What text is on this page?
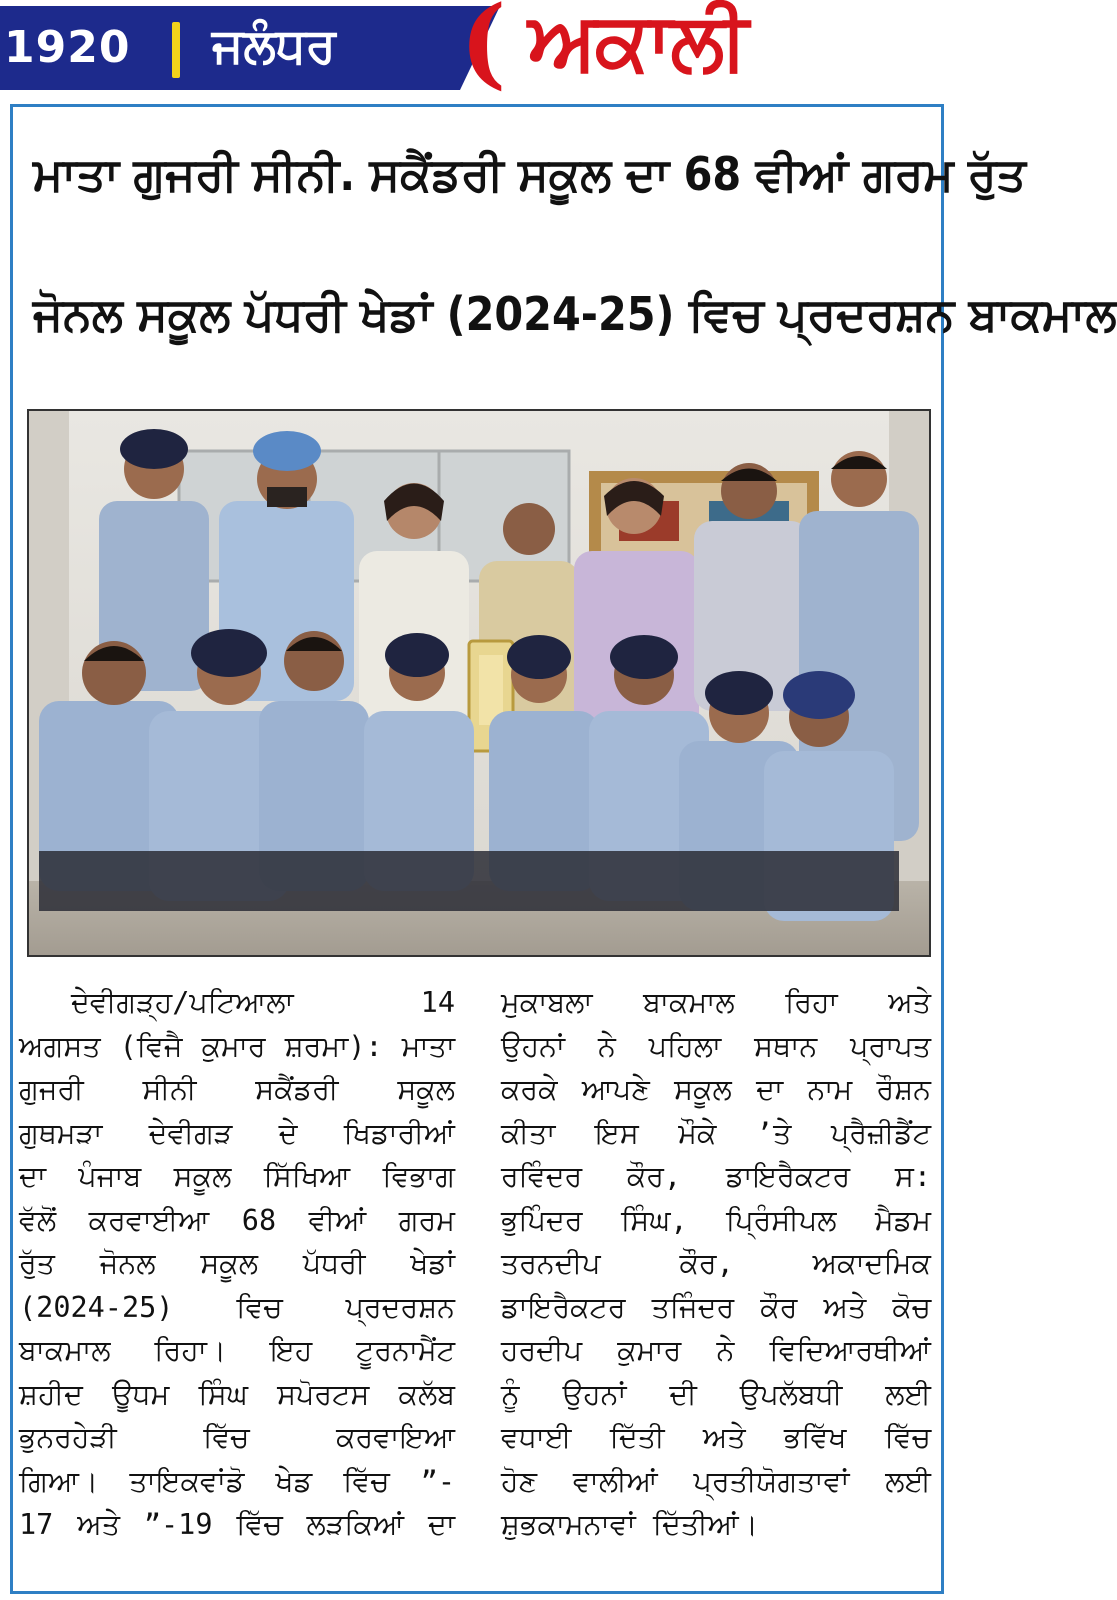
1920 ਜਲੰਧਰ ( ਅਕਾਲੀ
ਮਾਤਾ ਗੁਜਰੀ ਸੀਨੀ. ਸਕੈਂਡਰੀ ਸਕੂਲ ਦਾ 68 ਵੀਆਂ ਗਰਮ ਰੁੱਤ
ਜੋਨਲ ਸਕੂਲ ਪੱਧਰੀ ਖੇਡਾਂ (2024-25) ਵਿਚ ਪ੍ਰਦਰਸ਼ਨ ਬਾਕਮਾਲ
ਦੇਵੀਗੜ੍ਹ/ਪਟਿਆਲਾ 14
ਅਗਸਤ (ਵਿਜੈ ਕੁਮਾਰ ਸ਼ਰਮਾ): ਮਾਤਾ
ਗੁਜਰੀ ਸੀਨੀ ਸਕੈਂਡਰੀ ਸਕੂਲ
ਗੁਥਮੜਾ ਦੇਵੀਗੜ ਦੇ ਖਿਡਾਰੀਆਂ
ਦਾ ਪੰਜਾਬ ਸਕੂਲ ਸਿੱਖਿਆ ਵਿਭਾਗ
ਵੱਲੋਂ ਕਰਵਾਈਆ 68 ਵੀਆਂ ਗਰਮ
ਰੁੱਤ ਜੋਨਲ ਸਕੂਲ ਪੱਧਰੀ ਖੇਡਾਂ
(2024-25) ਵਿਚ ਪ੍ਰਦਰਸ਼ਨ
ਬਾਕਮਾਲ ਰਿਹਾ। ਇਹ ਟੂਰਨਾਮੈਂਟ
ਸ਼ਹੀਦ ਊਧਮ ਸਿੰਘ ਸਪੋਰਟਸ ਕਲੱਬ
ਭੁਨਰਹੇੜੀ ਵਿੱਚ ਕਰਵਾਇਆ
ਗਿਆ। ਤਾਇਕਵਾਂਡੋ ਖੇਡ ਵਿੱਚ ”-
17 ਅਤੇ ”-19 ਵਿੱਚ ਲੜਕਿਆਂ ਦਾ
ਮੁਕਾਬਲਾ ਬਾਕਮਾਲ ਰਿਹਾ ਅਤੇ
ਉਹਨਾਂ ਨੇ ਪਹਿਲਾ ਸਥਾਨ ਪ੍ਰਾਪਤ
ਕਰਕੇ ਆਪਣੇ ਸਕੂਲ ਦਾ ਨਾਮ ਰੌਸ਼ਨ
ਕੀਤਾ ਇਸ ਮੌਕੇ ’ਤੇ ਪ੍ਰੈਜ਼ੀਡੈਂਟ
ਰਵਿੰਦਰ ਕੌਰ, ਡਾਇਰੈਕਟਰ ਸ:
ਭੁਪਿੰਦਰ ਸਿੰਘ, ਪ੍ਰਿੰਸੀਪਲ ਮੈਡਮ
ਤਰਨਦੀਪ ਕੌਰ, ਅਕਾਦਮਿਕ
ਡਾਇਰੈਕਟਰ ਤਜਿੰਦਰ ਕੌਰ ਅਤੇ ਕੋਚ
ਹਰਦੀਪ ਕੁਮਾਰ ਨੇ ਵਿਦਿਆਰਥੀਆਂ
ਨੂੰ ਉਹਨਾਂ ਦੀ ਉਪਲੱਬਧੀ ਲਈ
ਵਧਾਈ ਦਿੱਤੀ ਅਤੇ ਭਵਿੱਖ ਵਿੱਚ
ਹੋਣ ਵਾਲੀਆਂ ਪ੍ਰਤੀਯੋਗਤਾਵਾਂ ਲਈ
ਸ਼ੁਭਕਾਮਨਾਵਾਂ ਦਿੱਤੀਆਂ।
